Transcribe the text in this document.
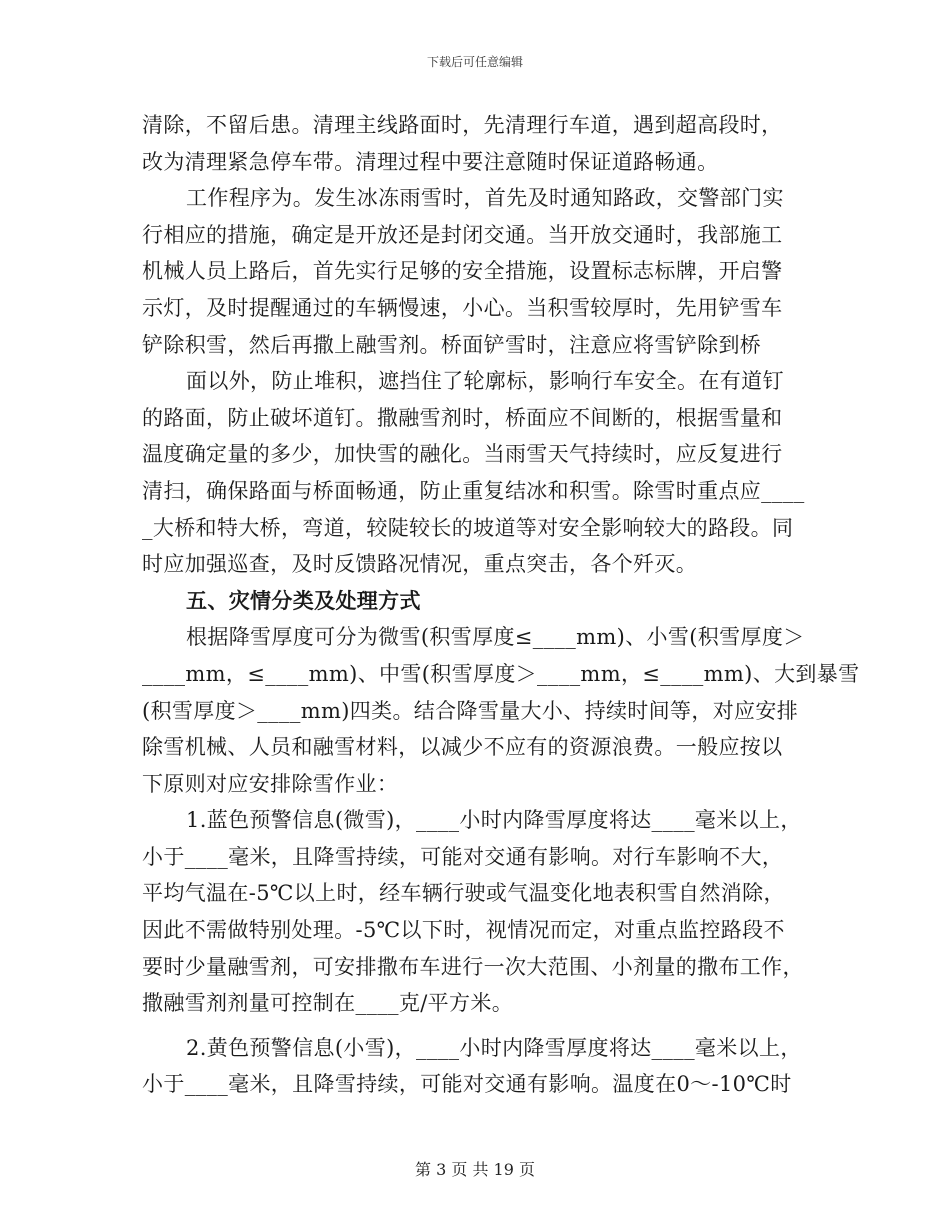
下载后可任意编辑
清除，不留后患。清理主线路面时，先清理行车道，遇到超高段时，
改为清理紧急停车带。清理过程中要注意随时保证道路畅通。
工作程序为。发生冰冻雨雪时，首先及时通知路政，交警部门实
行相应的措施，确定是开放还是封闭交通。当开放交通时，我部施工
机械人员上路后，首先实行足够的安全措施，设置标志标牌，开启警
示灯，及时提醒通过的车辆慢速，小心。当积雪较厚时，先用铲雪车
铲除积雪，然后再撒上融雪剂。桥面铲雪时，注意应将雪铲除到桥
面以外，防止堆积，遮挡住了轮廓标，影响行车安全。在有道钉
的路面，防止破坏道钉。撒融雪剂时，桥面应不间断的，根据雪量和
温度确定量的多少，加快雪的融化。当雨雪天气持续时，应反复进行
清扫，确保路面与桥面畅通，防止重复结冰和积雪。除雪时重点应____
_大桥和特大桥，弯道，较陡较长的坡道等对安全影响较大的路段。同
时应加强巡查，及时反馈路况情况，重点突击，各个歼灭。
五、灾情分类及处理方式
根据降雪厚度可分为微雪(积雪厚度≤____mm)、小雪(积雪厚度＞
____mm，≤____mm)、中雪(积雪厚度＞____mm，≤____mm)、大到暴雪
(积雪厚度＞____mm)四类。结合降雪量大小、持续时间等，对应安排
除雪机械、人员和融雪材料，以减少不应有的资源浪费。一般应按以
下原则对应安排除雪作业：
1.蓝色预警信息(微雪)，____小时内降雪厚度将达____毫米以上，
小于____毫米，且降雪持续，可能对交通有影响。对行车影响不大，
平均气温在-5℃以上时，经车辆行驶或气温变化地表积雪自然消除，
因此不需做特别处理。-5℃以下时，视情况而定，对重点监控路段不
要时少量融雪剂，可安排撒布车进行一次大范围、小剂量的撒布工作，
撒融雪剂剂量可控制在____克/平方米。
2.黄色预警信息(小雪)，____小时内降雪厚度将达____毫米以上，
小于____毫米，且降雪持续，可能对交通有影响。温度在0～-10℃时
第 3 页 共 19 页
